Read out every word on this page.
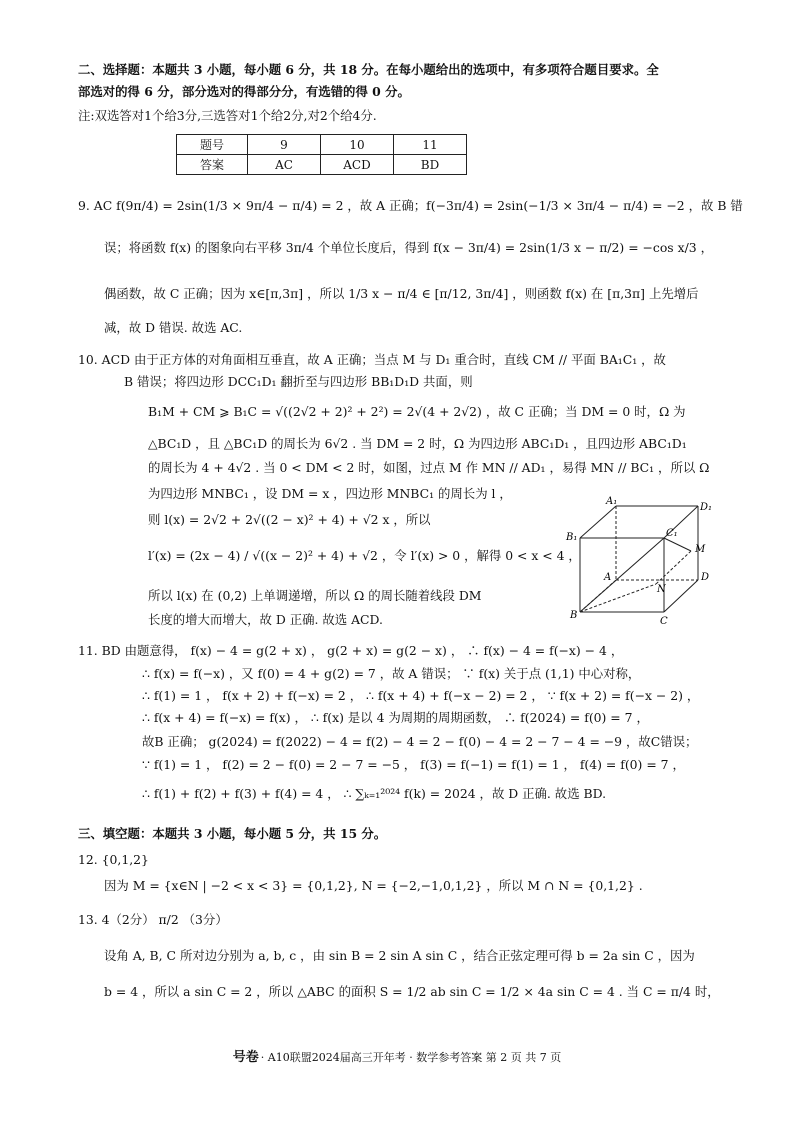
二、选择题：本题共 3 小题，每小题 6 分，共 18 分。在每小题给出的选项中，有多项符合题目要求。全
部选对的得 6 分，部分选对的得部分分，有选错的得 0 分。
注:双选答对1个给3分,三选答对1个给2分,对2个给4分.
题号	9	10	11
答案	AC	ACD	BD
9. AC f(9π/4) = 2sin(1/3 × 9π/4 − π/4) = 2 ，故 A 正确；f(−3π/4) = 2sin(−1/3 × 3π/4 − π/4) = −2 ，故 B 错
误；将函数 f(x) 的图象向右平移 3π/4 个单位长度后，得到 f(x − 3π/4) = 2sin(1/3 x − π/2) = −cos x/3 ，
偶函数，故 C 正确；因为 x∈[π,3π] ，所以 1/3 x − π/4 ∈ [π/12, 3π/4] ，则函数 f(x) 在 [π,3π] 上先增后
减，故 D 错误. 故选 AC.
10. ACD 由于正方体的对角面相互垂直，故 A 正确；当点 M 与 D₁ 重合时，直线 CM // 平面 BA₁C₁ ，故
B 错误；将四边形 DCC₁D₁ 翻折至与四边形 BB₁D₁D 共面，则
B₁M + CM ⩾ B₁C = √((2√2 + 2)² + 2²) = 2√(4 + 2√2) ，故 C 正确；当 DM = 0 时，Ω 为
△BC₁D ，且 △BC₁D 的周长为 6√2 . 当 DM = 2 时，Ω 为四边形 ABC₁D₁ ，且四边形 ABC₁D₁
的周长为 4 + 4√2 . 当 0 < DM < 2 时，如图，过点 M 作 MN // AD₁ ，易得 MN // BC₁ ，所以 Ω
为四边形 MNBC₁ ，设 DM = x ，四边形 MNBC₁ 的周长为 l ，
则 l(x) = 2√2 + 2√((2 − x)² + 4) + √2 x ，所以
l′(x) = (2x − 4) / √((x − 2)² + 4) + √2 ，令 l′(x) > 0 ，解得 0 < x < 4 ，
所以 l(x) 在 (0,2) 上单调递增，所以 Ω 的周长随着线段 DM
长度的增大而增大，故 D 正确. 故选 ACD.
A₁
D₁
B₁	C₁
M
A	D
N
B
C
11. BD 由题意得， f(x) − 4 = g(2 + x) ， g(2 + x) = g(2 − x) ， ∴ f(x) − 4 = f(−x) − 4 ，
∴ f(x) = f(−x) ，又 f(0) = 4 + g(2) = 7 ，故 A 错误； ∵ f(x) 关于点 (1,1) 中心对称，
∴ f(1) = 1 ， f(x + 2) + f(−x) = 2 ， ∴ f(x + 4) + f(−x − 2) = 2 ， ∵ f(x + 2) = f(−x − 2) ，
∴ f(x + 4) = f(−x) = f(x) ， ∴ f(x) 是以 4 为周期的周期函数， ∴ f(2024) = f(0) = 7 ，
故B 正确； g(2024) = f(2022) − 4 = f(2) − 4 = 2 − f(0) − 4 = 2 − 7 − 4 = −9 ，故C错误；
∵ f(1) = 1 ， f(2) = 2 − f(0) = 2 − 7 = −5 ， f(3) = f(−1) = f(1) = 1 ， f(4) = f(0) = 7 ，
∴ f(1) + f(2) + f(3) + f(4) = 4 ， ∴ ∑ₖ₌₁²⁰²⁴ f(k) = 2024 ，故 D 正确. 故选 BD.
三、填空题：本题共 3 小题，每小题 5 分，共 15 分。
12. {0,1,2}
因为 M = {x∈N | −2 < x < 3} = {0,1,2}, N = {−2,−1,0,1,2} ，所以 M ∩ N = {0,1,2} .
13. 4（2分） π/2 （3分）
设角 A, B, C 所对边分别为 a, b, c ，由 sin B = 2 sin A sin C ，结合正弦定理可得 b = 2a sin C ，因为
b = 4 ，所以 a sin C = 2 ，所以 △ABC 的面积 S = 1/2 ab sin C = 1/2 × 4a sin C = 4 . 当 C = π/4 时，
号卷 · A10联盟2024届高三开年考 · 数学参考答案 第 2 页 共 7 页
